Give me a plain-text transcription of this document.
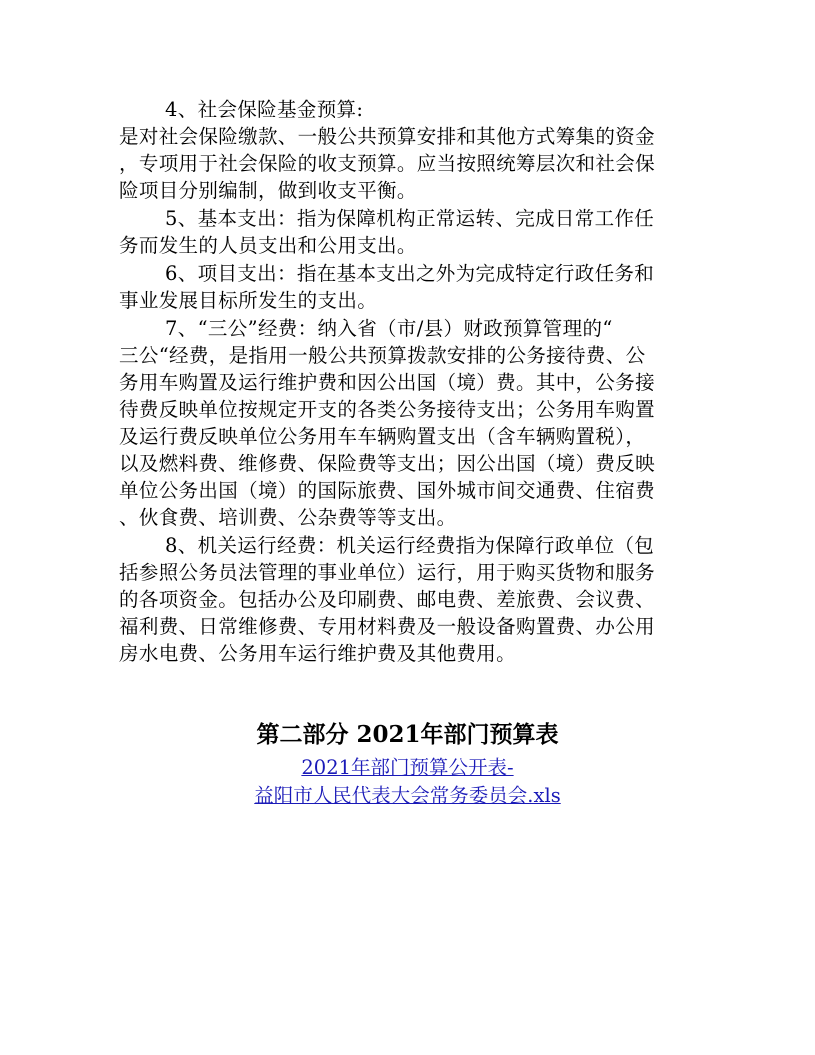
4、社会保险基金预算:
是对社会保险缴款、一般公共预算安排和其他方式筹集的资金
，专项用于社会保险的收支预算。应当按照统筹层次和社会保
险项目分别编制，做到收支平衡。
5、基本支出：指为保障机构正常运转、完成日常工作任
务而发生的人员支出和公用支出。
6、项目支出：指在基本支出之外为完成特定行政任务和
事业发展目标所发生的支出。
7、“三公”经费：纳入省（市/县）财政预算管理的“
三公“经费，是指用一般公共预算拨款安排的公务接待费、公
务用车购置及运行维护费和因公出国（境）费。其中，公务接
待费反映单位按规定开支的各类公务接待支出；公务用车购置
及运行费反映单位公务用车车辆购置支出（含车辆购置税），
以及燃料费、维修费、保险费等支出；因公出国（境）费反映
单位公务出国（境）的国际旅费、国外城市间交通费、住宿费
、伙食费、培训费、公杂费等等支出。
8、机关运行经费：机关运行经费指为保障行政单位（包
括参照公务员法管理的事业单位）运行，用于购买货物和服务
的各项资金。包括办公及印刷费、邮电费、差旅费、会议费、
福利费、日常维修费、专用材料费及一般设备购置费、办公用
房水电费、公务用车运行维护费及其他费用。
第二部分 2021年部门预算表
2021年部门预算公开表-
益阳市人民代表大会常务委员会.xls
